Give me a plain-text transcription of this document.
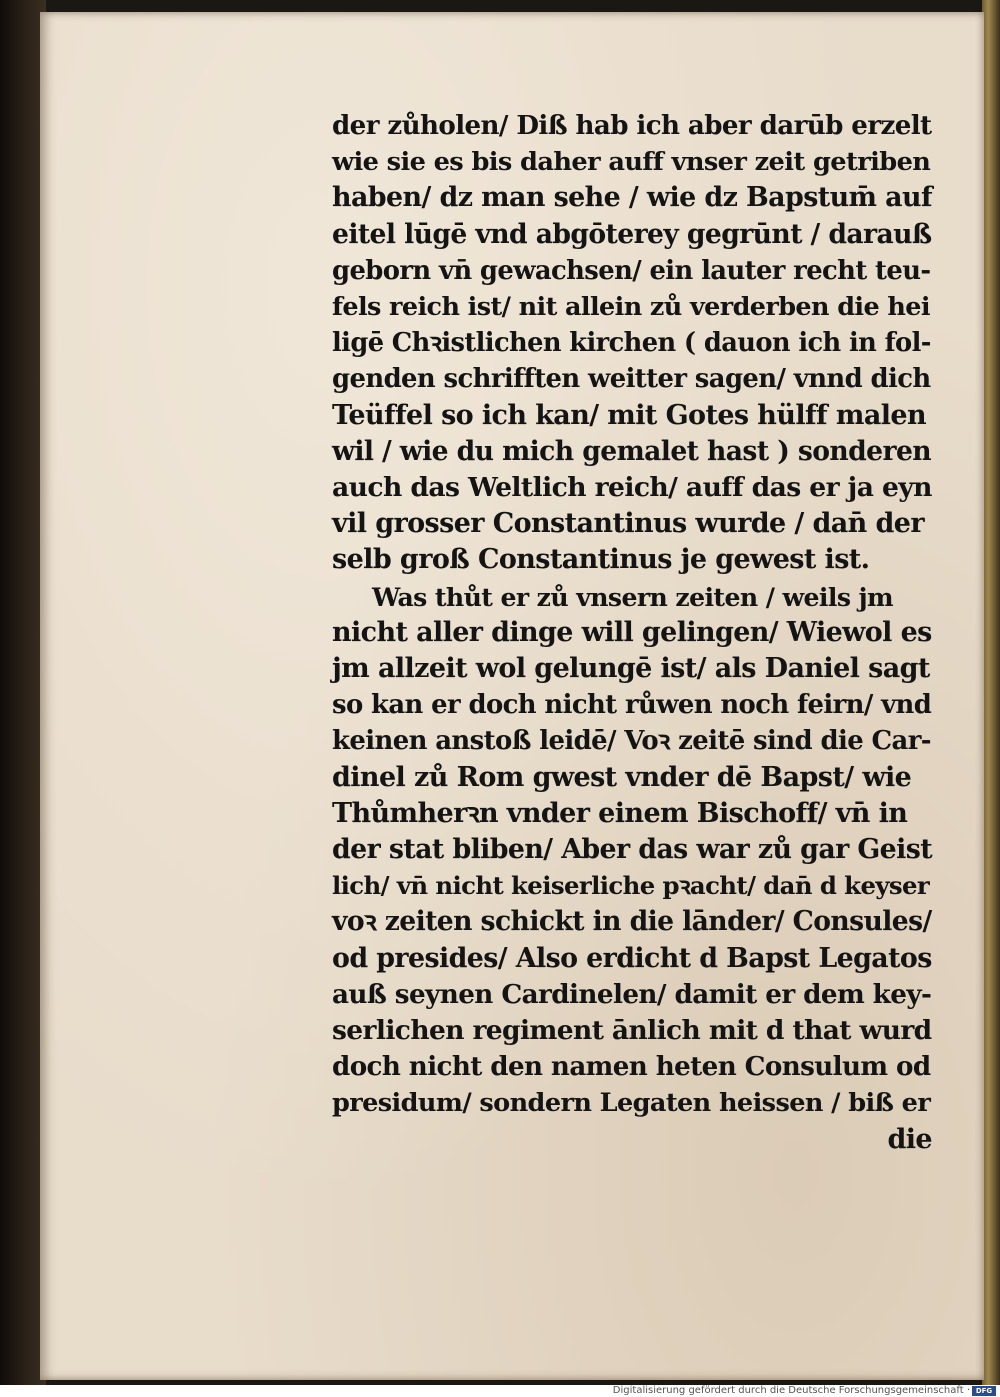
der zůholen/ Diß hab ich aber darūb erzelt
wie sie es bis daher auff vnser zeit getriben
haben/ dz man sehe / wie dz Bapstum̄ auf
eitel lūgē vnd abgōterey gegrūnt / darauß
geborn vn̄ gewachsen/ ein lauter recht teu-
fels reich ist/ nit allein zů verderben die hei
ligē Chꝛistlichen kirchen ( dauon ich in fol-
genden schrifften weitter sagen/ vnnd dich
Teüffel so ich kan/ mit Gotes hülff malen
wil / wie du mich gemalet hast ) sonderen
auch das Weltlich reich/ auff das er ja eyn
vil grosser Constantinus wurde / dan̄ der
selb groß Constantinus je gewest ist.
Was thůt er zů vnsern zeiten / weils jm
nicht aller dinge will gelingen/ Wiewol es
jm allzeit wol gelungē ist/ als Daniel sagt
so kan er doch nicht růwen noch feirn/ vnd
keinen anstoß leidē/ Voꝛ zeitē sind die Car-
dinel zů Rom gwest vnder dē Bapst/ wie
Thůmherꝛn vnder einem Bischoff/ vn̄ in
der stat bliben/ Aber das war zů gar Geist
lich/ vn̄ nicht keiserliche pꝛacht/ dan̄ d keyser
voꝛ zeiten schickt in die lānder/ Consules/
od presides/ Also erdicht d Bapst Legatos
auß seynen Cardinelen/ damit er dem key-
serlichen regiment ānlich mit d that wurd
doch nicht den namen heten Consulum od
presidum/ sondern Legaten heissen / biß er
die
Digitalisierung gefördert durch die Deutsche Forschungsgemeinschaft · DFG
